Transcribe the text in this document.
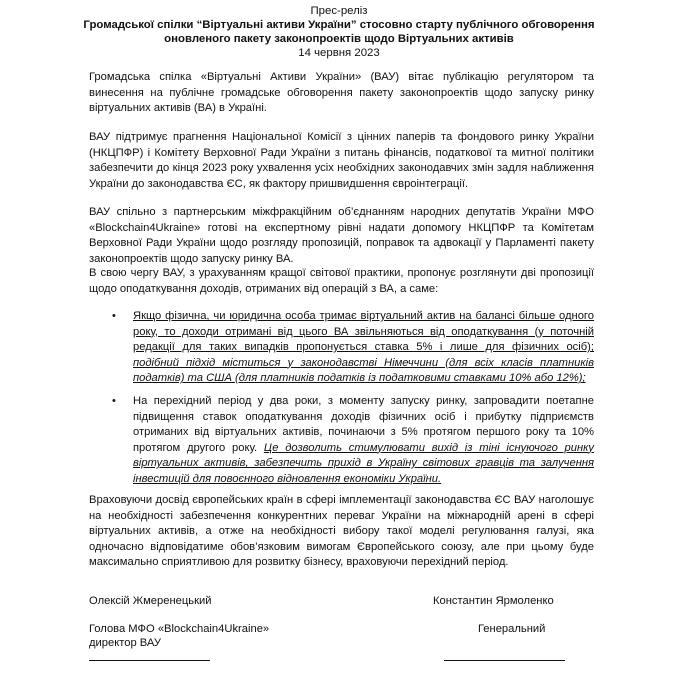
Прес-реліз
Громадської спілки “Віртуальні активи України” стосовно старту публічного обговорення
оновленого пакету законопроектів щодо Віртуальних активів
14 червня 2023

Громадська спілка «Віртуальні Активи України» (ВАУ) вітає публікацію регулятором та винесення на публічне громадське обговорення пакету законопроектів щодо запуску ринку віртуальних активів (ВА) в Україні.

ВАУ підтримує прагнення Національної Комісії з цінних паперів та фондового ринку України (НКЦПФР) і Комітету Верховної Ради України з питань фінансів, податкової та митної політики забезпечити до кінця 2023 року ухвалення усіх необхідних законодавчих змін задля наближення України до законодавства ЄС, як фактору пришвидшення євроінтеграції.

ВАУ спільно з партнерським міжфракційним об’єднанням народних депутатів України МФО «Blockchain4Ukraine» готові на експертному рівні надати допомогу НКЦПФР та Комітетам Верховної Ради України щодо розгляду пропозицій, поправок та адвокації у Парламенті пакету законопроектів щодо запуску ринку ВА.

В свою чергу ВАУ, з урахуванням кращої світової практики, пропонує розглянути дві пропозиції щодо оподаткування доходів, отриманих від операцій з ВА, а саме:

• Якщо фізична, чи юридична особа тримає віртуальний актив на балансі більше одного року, то доходи отримані від цього ВА звільняються від оподаткування (у поточній редакції для таких випадків пропонується ставка 5% і лише для фізичних осіб); подібний підхід міститься у законодавстві Німеччини (для всіх класів платників податків) та США (для платників податків із податковими ставками 10% або 12%);

• На перехідний період у два роки, з моменту запуску ринку, запровадити поетапне підвищення ставок оподаткування доходів фізичних осіб і прибутку підприємств отриманих від віртуальних активів, починаючи з 5% протягом першого року та 10% протягом другого року. Це дозволить стимулювати вихід із тіні існуючого ринку віртуальних активів, забезпечить прихід в Україну світових гравців та залучення інвестицій для повоєнного відновлення економіки України.

Враховуючи досвід європейських країн в сфері імплементації законодавства ЄС ВАУ наголошує на необхідності забезпечення конкурентних переваг України на міжнародній арені в сфері віртуальних активів, а отже на необхідності вибору такої моделі регулювання галузі, яка одночасно відповідатиме обов’язковим вимогам Європейського союзу, але при цьому буде максимально сприятливою для розвитку бізнесу, враховуючи перехідний період.

Олексій Жмеренецький	Константин Ярмоленко
Голова МФО «Blockchain4Ukraine»	Генеральний
директор ВАУ
